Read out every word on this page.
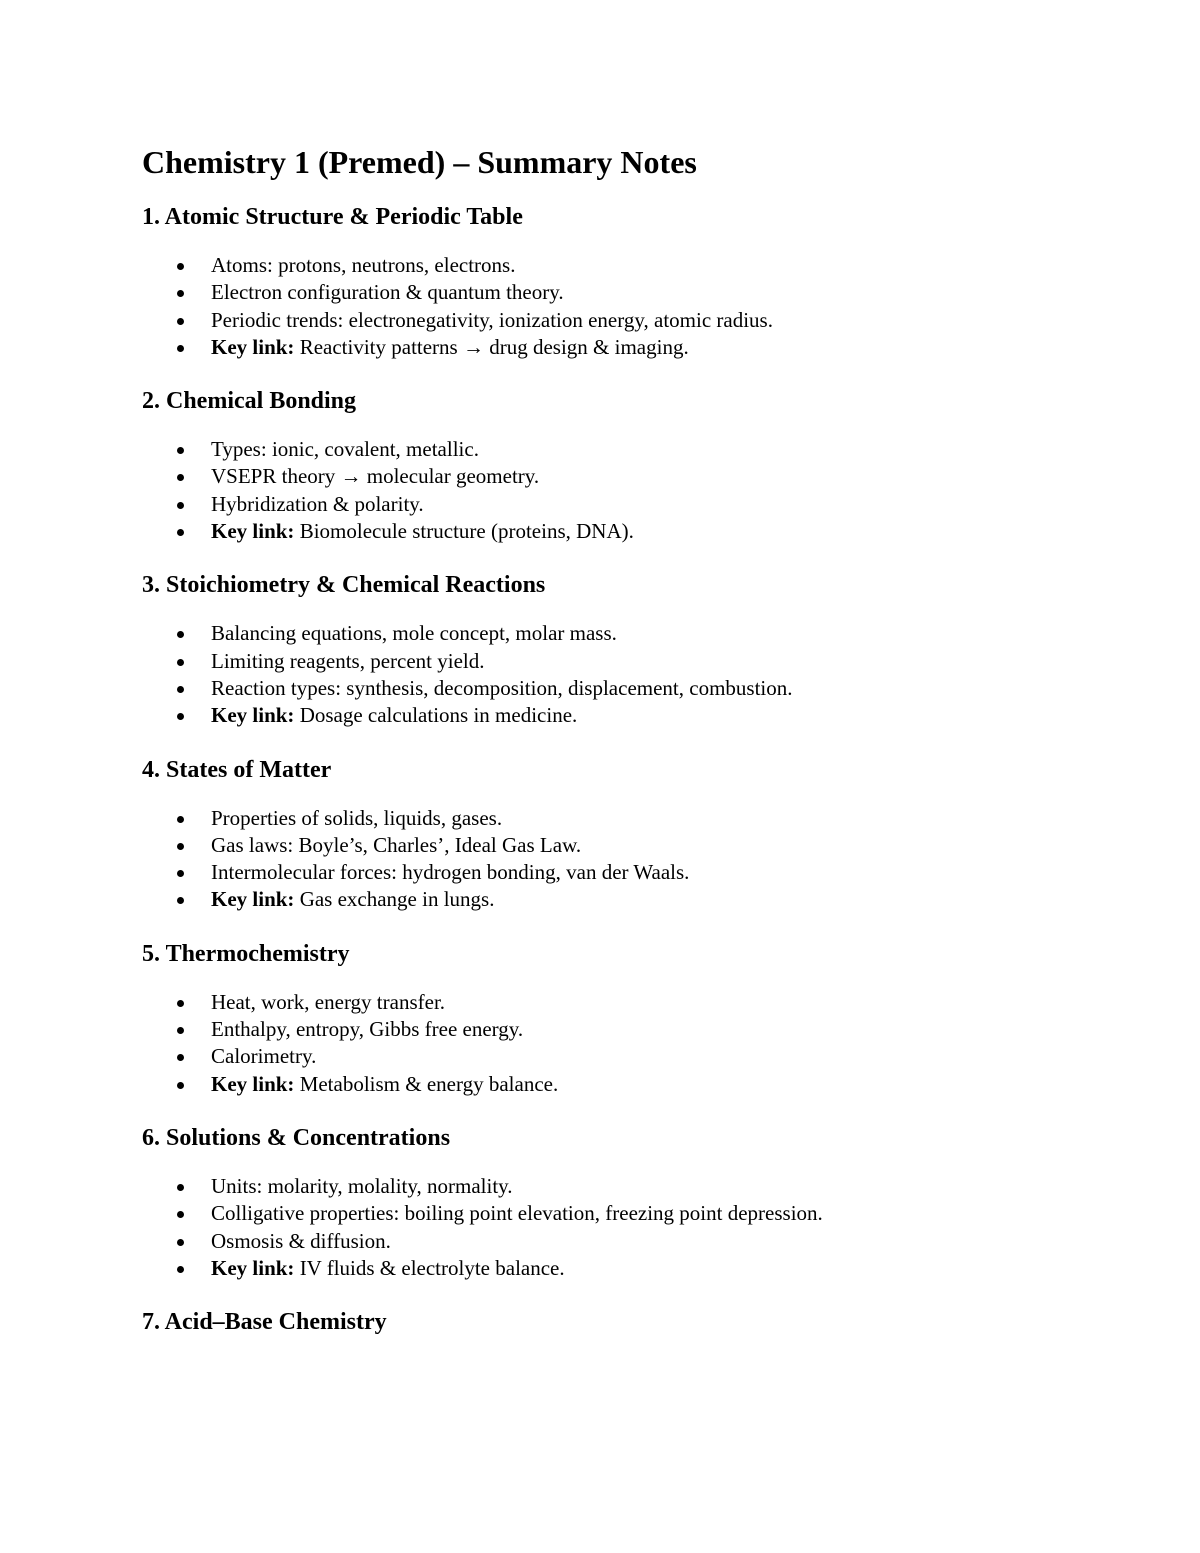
Chemistry 1 (Premed) – Summary Notes
1. Atomic Structure & Periodic Table
Atoms: protons, neutrons, electrons.
Electron configuration & quantum theory.
Periodic trends: electronegativity, ionization energy, atomic radius.
Key link: Reactivity patterns → drug design & imaging.
2. Chemical Bonding
Types: ionic, covalent, metallic.
VSEPR theory → molecular geometry.
Hybridization & polarity.
Key link: Biomolecule structure (proteins, DNA).
3. Stoichiometry & Chemical Reactions
Balancing equations, mole concept, molar mass.
Limiting reagents, percent yield.
Reaction types: synthesis, decomposition, displacement, combustion.
Key link: Dosage calculations in medicine.
4. States of Matter
Properties of solids, liquids, gases.
Gas laws: Boyle’s, Charles’, Ideal Gas Law.
Intermolecular forces: hydrogen bonding, van der Waals.
Key link: Gas exchange in lungs.
5. Thermochemistry
Heat, work, energy transfer.
Enthalpy, entropy, Gibbs free energy.
Calorimetry.
Key link: Metabolism & energy balance.
6. Solutions & Concentrations
Units: molarity, molality, normality.
Colligative properties: boiling point elevation, freezing point depression.
Osmosis & diffusion.
Key link: IV fluids & electrolyte balance.
7. Acid–Base Chemistry
